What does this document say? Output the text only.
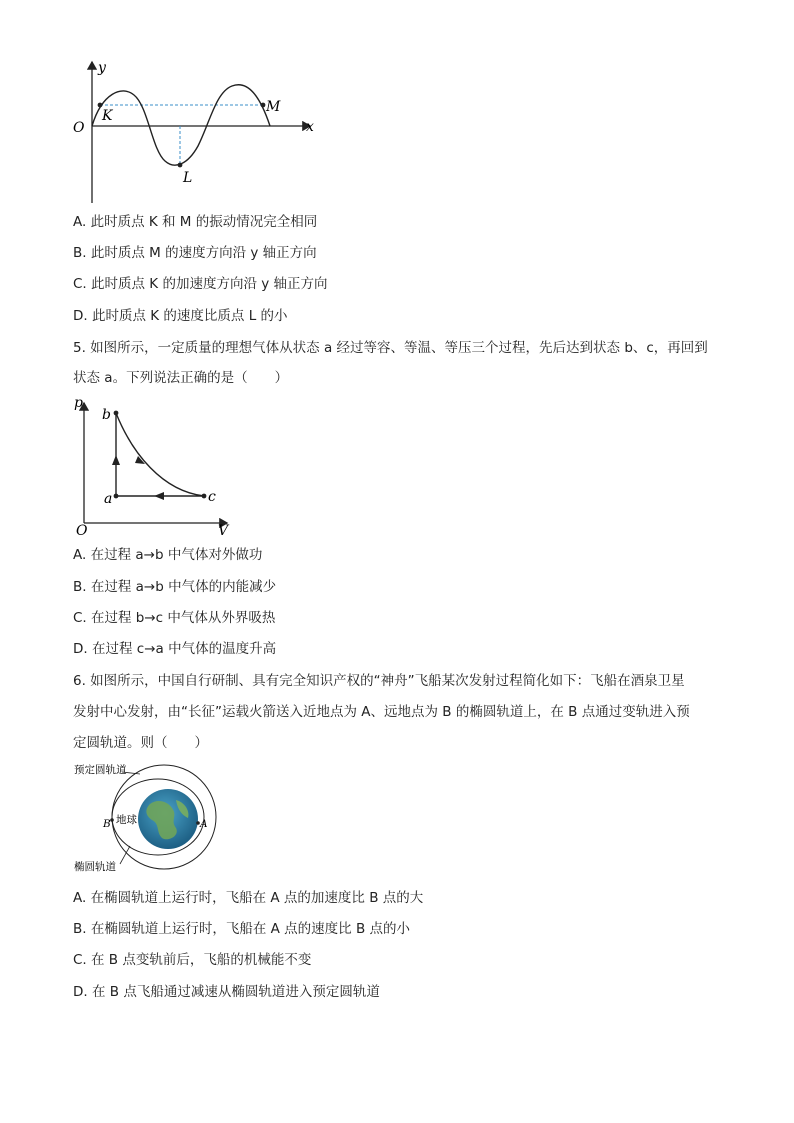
y
x
O
K
M
L
A. 此时质点 K 和 M 的振动情况完全相同
B. 此时质点 M 的速度方向沿 y 轴正方向
C. 此时质点 K 的加速度方向沿 y 轴正方向
D. 此时质点 K 的速度比质点 L 的小
5. 如图所示，一定质量的理想气体从状态 a 经过等容、等温、等压三个过程，先后达到状态 b、c，再回到
状态 a。下列说法正确的是（　　）
p
V
O
a
b
c
A. 在过程 a→b 中气体对外做功
B. 在过程 a→b 中气体的内能减少
C. 在过程 b→c 中气体从外界吸热
D. 在过程 c→a 中气体的温度升高
6. 如图所示，中国自行研制、具有完全知识产权的“神舟”飞船某次发射过程简化如下：飞船在酒泉卫星
发射中心发射，由“长征”运载火箭送入近地点为 A、远地点为 B 的椭圆轨道上，在 B 点通过变轨进入预
定圆轨道。则（　　）
预定圆轨道
地球
椭圆轨道
A
B
A. 在椭圆轨道上运行时，飞船在 A 点的加速度比 B 点的大
B. 在椭圆轨道上运行时，飞船在 A 点的速度比 B 点的小
C. 在 B 点变轨前后，飞船的机械能不变
D. 在 B 点飞船通过减速从椭圆轨道进入预定圆轨道
